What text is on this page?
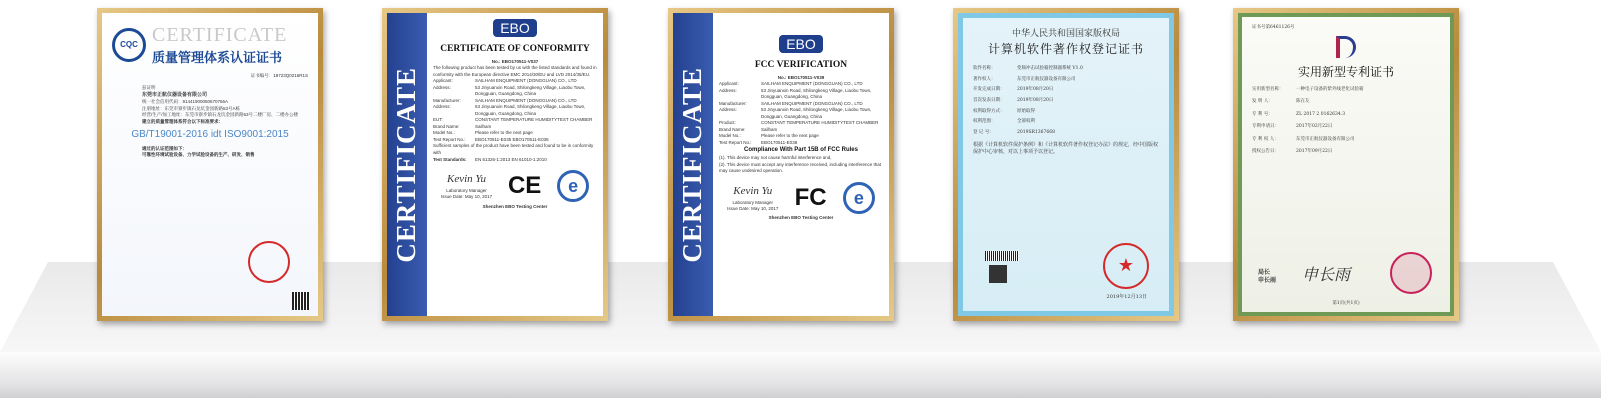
CQC CERTIFICATE
质量管理体系认证证书
证书编号：18723Q0216R1S
兹证明
东莞市正航仪器设备有限公司
统一社会信用代码：91441900050670766A
注册地址：东莞市寮步镇石龙坑金园新路53号A栋
经营/生产/加工地址：东莞市寮步镇石龙坑金园新路53号二楼厂房、二楼办公楼
建立的质量管理体系符合以下标准要求：
GB/T19001-2016 idt ISO9001:2015
通过的认证范围如下：
可靠性环境试验设备、力学试验设备的生产、研发、销售	CERTIFICATE
EBO
CERTIFICATE OF CONFORMITY
No.: EBO170511-V037
The following product has been tested by us with the listed standards and found in conformity with the European directive EMC 2014/30/EU and LVD 2014/35/EU.
Applicant:	SAILHAM ENQUIPMENT (DONGGUAN) CO., LTD
Address:	53 Jinyuanxin Road, Shilongkeng Village, Liaobu Town, Dongguan, Guangdong, China
Manufacturer:	SAILHAM ENQUIPMENT (DONGGUAN) CO., LTD
Address:	53 Jinyuanxin Road, Shilongkeng Village, Liaobu Town, Dongguan, Guangdong, China
EUT:	CONSTANT TEMPERATURE HUMIDITYTEST CHAMBER
Brand Name:	Sailham
Model No.:	Please refer to the next page
Test Report No.:	EBO170511-E035 EBO170511-E036
Sufficient samples of the product have been tested and found to be in conformity with
Test Standards:	EN 61326-1:2013 EN 61010-1:2010
Kevin Yu
Laboratory Manager
Issue Date: May 10, 2017 CE	e
Shenzhen EBO Testing Center	CERTIFICATE
EBO
FCC VERIFICATION
No.: EBO170511-V039
Applicant:	SAILHAM ENQUIPMENT (DONGGUAN) CO., LTD
Address:	53 Jinyuanxin Road, Shilongkeng Village, Liaobu Town, Dongguan, Guangdong, China
Manufacturer:	SAILHAM ENQUIPMENT (DONGGUAN) CO., LTD
Address:	53 Jinyuanxin Road, Shilongkeng Village, Liaobu Town, Dongguan, Guangdong, China
Product:	CONSTANT TEMPERATURE HUMIDITYTEST CHAMBER
Brand Name:	Sailham
Model No.:	Please refer to the next page
Test Report No.:	EBO170511-E038
Compliance With Part 15B of FCC Rules
(1). This device may not cause harmful interference and,
(2). This device must accept any interference received, including interference that may cause undesired operation.
Kevin Yu
Laboratory Manager
Issue Date: May 10, 2017 FC	e
Shenzhen EBO Testing Center
中华人民共和国国家版权局
计算机软件著作权登记证书
软件名称：	变频冲击试验箱控制器系统 V1.0
著作权人：	东莞市正航仪器设备有限公司
开发完成日期：	2019年08月20日
首次发表日期：	2019年08月20日
权利取得方式：	原始取得
权利范围：	全部权利
登 记 号：	2019SR1367668
根据《计算机软件保护条例》和《计算机软件著作权登记办法》的规定，经中国版权保护中心审核，对以上事项予以登记。
★
2019年12月13日
证书号第6461126号
实用新型专利证书
实用新型名称：	一种电子设备的紫外线老化试验箱
发 明 人：	陈在友
专 利 号：	ZL 2017 2 0162634.3
专利申请日：	2017年02月22日
专 利 权 人：	东莞市正航仪器设备有限公司
授权公告日：	2017年09月22日
局长
申长雨 申长雨
第1页(共1页)
